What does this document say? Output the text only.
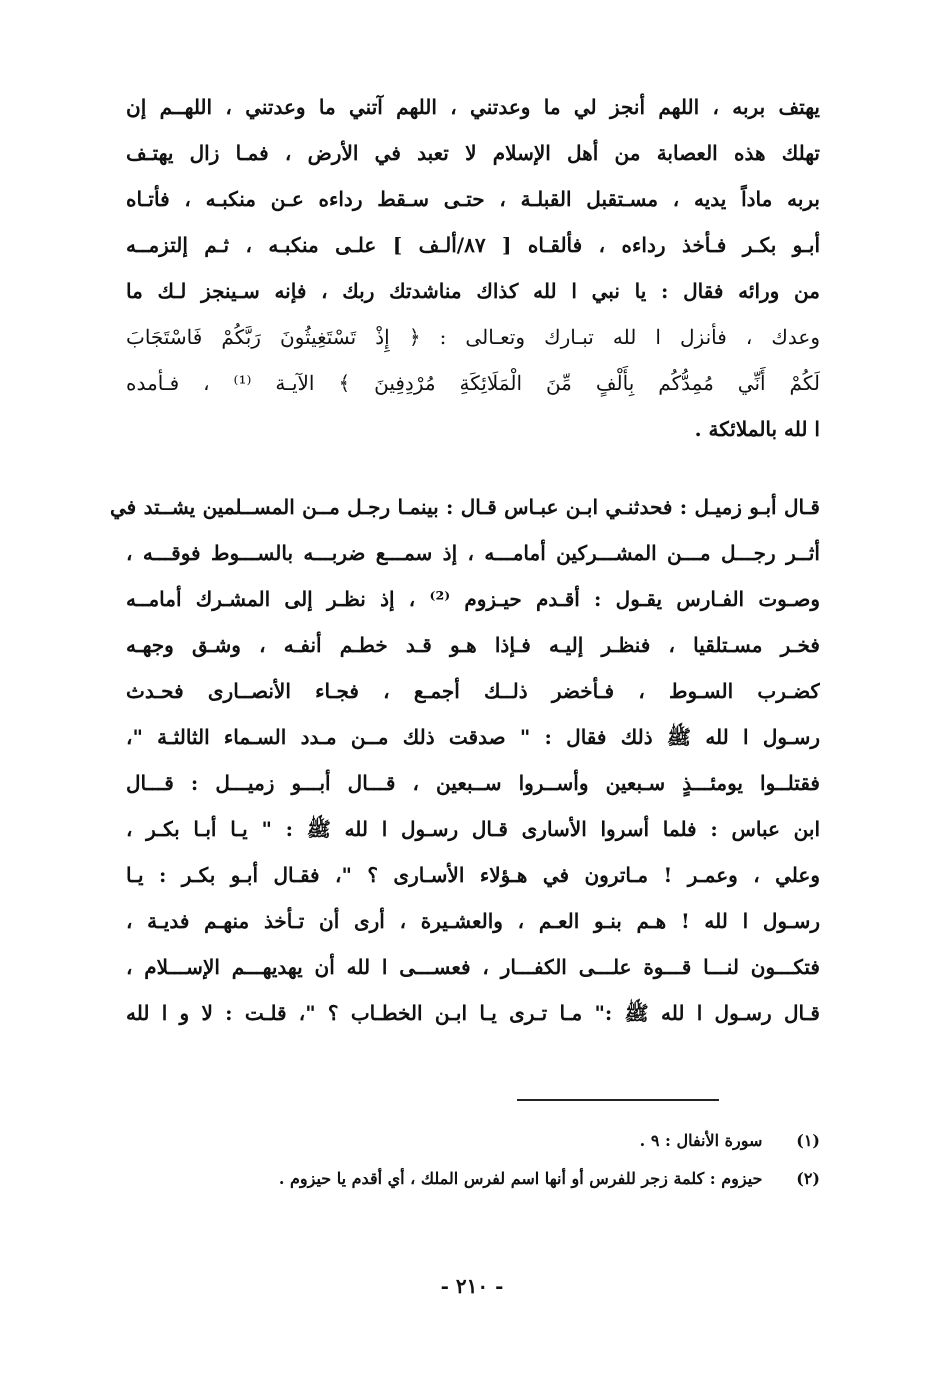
يهتف بربه ، اللهم أنجز لي ما وعدتني ، اللهم آتني ما وعدتني ، اللهــم إن
تهلك هذه العصابة من أهل الإسلام لا تعبد في الأرض ، فمـا زال يهتـف
بربه ماداً يديه ، مسـتقبل القبلـة ، حتـى سـقط رداءه عـن منكبـه ، فأتـاه
أبـو بكـر فـأخذ رداءه ، فألقـاه [ ٨٧/ألـف ] علـى منكبـه ، ثـم إلتزمــه
من ورائه فقال : يا نبي ا لله كذاك مناشدتك ربك ، فإنه سـينجز لـك ما
وعدك ، فأنزل ا لله تبـارك وتعـالى : ﴿ إِذْ تَسْتَغِيثُونَ رَبَّكُمْ فَاسْتَجَابَ
لَكُمْ أَنِّي مُمِدُّكُم بِأَلْفٍ مِّنَ الْمَلَائِكَةِ مُرْدِفِينَ ﴾ الآيـة ⁽¹⁾ ، فـأمده
ا لله بالملائكة .
قـال أبـو زميـل : فحدثنـي ابـن عبـاس قـال : بينمـا رجـل مــن المســلمين يشــتد في
أثــر رجـــل مـــن المشـــركين أمامـــه ، إذ سمـــع ضربـــه بالســـوط فوقـــه ،
وصـوت الفـارس يقـول : أقـدم حيـزوم ⁽²⁾ ، إذ نظـر إلى المشـرك أمامــه
فخـر مسـتلقيا ، فنظـر إليـه فـإذا هـو قـد خطـم أنفـه ، وشـق وجهـه
كضـرب السـوط ، فـأخضر ذلــك أجمـع ، فجـاء الأنصــارى فحـدث
رسـول ا لله ﷺ ذلك فقال : " صدقت ذلك مــن مـدد السـماء الثالثـة "،
فقتلــوا يومئـــذٍ سـبعين وأســروا ســبعين ، قـــال أبـــو زميـــل : قـــال
ابن عباس : فلما أسروا الأسارى قـال رسـول ا لله ﷺ : " يـا أبـا بكـر ،
وعلي ، وعمـر ! مـاترون في هـؤلاء الأسـارى ؟ "، فقـال أبـو بكـر : يـا
رسـول ا لله ! هـم بنـو العـم ، والعشـيرة ، أرى أن تـأخذ منهـم فديـة ،
فتكـــون لنـــا قـــوة علـــى الكفـــار ، فعســـى ا لله أن يهديهـــم الإســـلام ،
قـال رسـول ا لله ﷺ :" مـا تـرى يـا ابـن الخطـاب ؟ "، قلـت : لا و ا لله
(١) سورة الأنفال : ٩ .
(٢) حيزوم : كلمة زجر للفرس أو أنها اسم لفرس الملك ، أي أقدم يا حيزوم .
- ٢١٠ -
